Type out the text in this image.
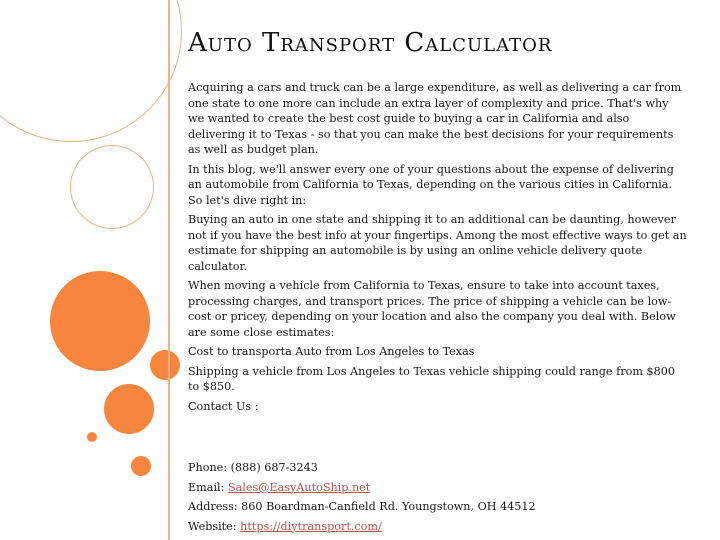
Auto Transport Calculator

Acquiring a cars and truck can be a large expenditure, as well as delivering a car from one state to one more can include an extra layer of complexity and price. That's why we wanted to create the best cost guide to buying a car in California and also delivering it to Texas - so that you can make the best decisions for your requirements as well as budget plan.

In this blog, we'll answer every one of your questions about the expense of delivering an automobile from California to Texas, depending on the various cities in California. So let's dive right in:

Buying an auto in one state and shipping it to an additional can be daunting, however not if you have the best info at your fingertips. Among the most effective ways to get an estimate for shipping an automobile is by using an online vehicle delivery quote calculator.

When moving a vehicle from California to Texas, ensure to take into account taxes, processing charges, and transport prices. The price of shipping a vehicle can be low-cost or pricey, depending on your location and also the company you deal with. Below are some close estimates:

Cost to transporta Auto from Los Angeles to Texas

Shipping a vehicle from Los Angeles to Texas vehicle shipping could range from $800 to $850.

Contact Us :

Phone: (888) 687-3243

Email: Sales@EasyAutoShip.net

Address: 860 Boardman-Canfield Rd. Youngstown, OH 44512

Website: https://diytransport.com/
